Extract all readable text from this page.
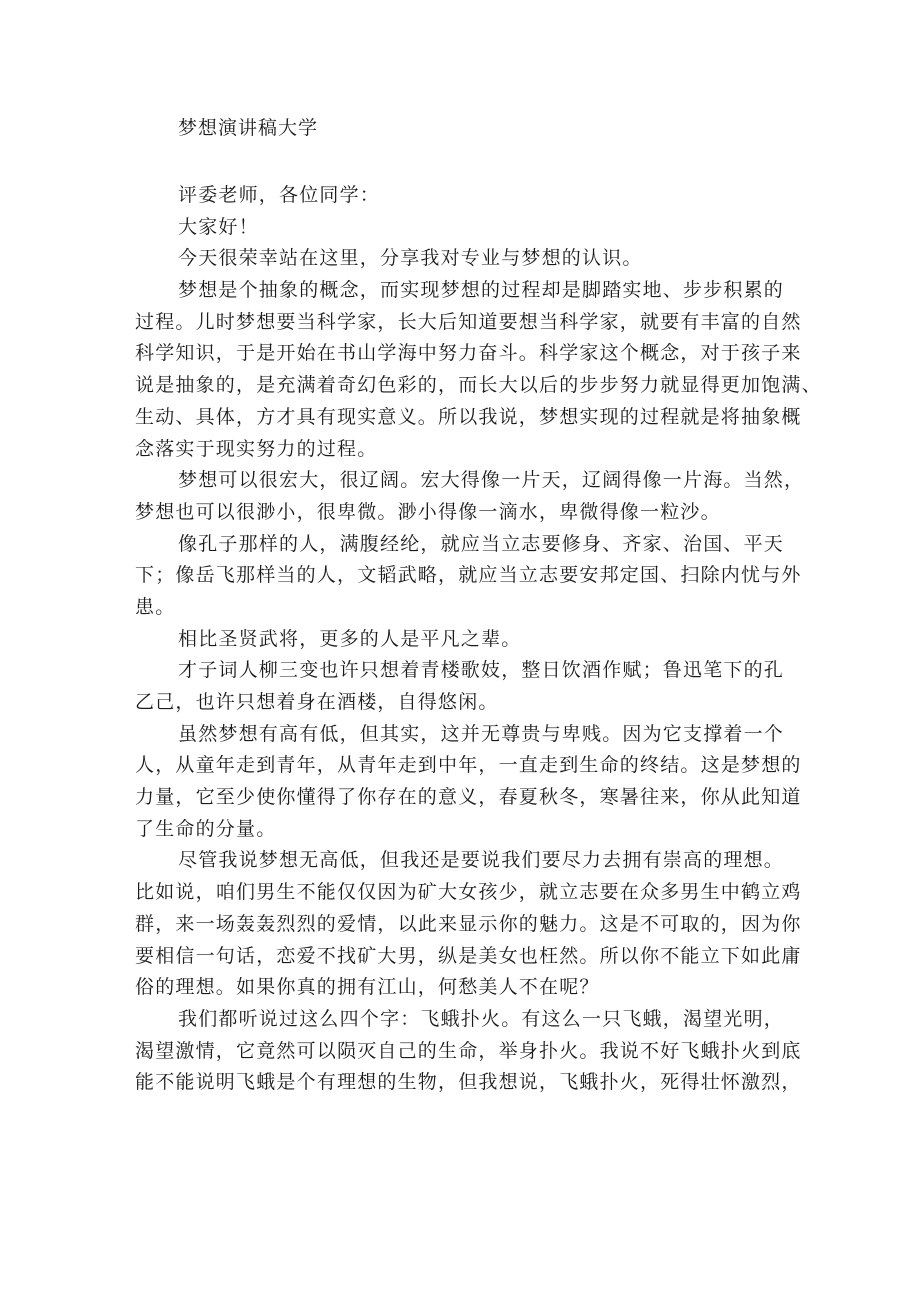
梦想演讲稿大学

评委老师，各位同学：

大家好！

今天很荣幸站在这里，分享我对专业与梦想的认识。

梦想是个抽象的概念，而实现梦想的过程却是脚踏实地、步步积累的

过程。儿时梦想要当科学家，长大后知道要想当科学家，就要有丰富的自然

科学知识，于是开始在书山学海中努力奋斗。科学家这个概念，对于孩子来

说是抽象的，是充满着奇幻色彩的，而长大以后的步步努力就显得更加饱满、

生动、具体，方才具有现实意义。所以我说，梦想实现的过程就是将抽象概

念落实于现实努力的过程。

梦想可以很宏大，很辽阔。宏大得像一片天，辽阔得像一片海。当然，

梦想也可以很渺小，很卑微。渺小得像一滴水，卑微得像一粒沙。

像孔子那样的人，满腹经纶，就应当立志要修身、齐家、治国、平天

下；像岳飞那样当的人，文韬武略，就应当立志要安邦定国、扫除内忧与外

患。

相比圣贤武将，更多的人是平凡之辈。

才子词人柳三变也许只想着青楼歌妓，整日饮酒作赋；鲁迅笔下的孔

乙己，也许只想着身在酒楼，自得悠闲。

虽然梦想有高有低，但其实，这并无尊贵与卑贱。因为它支撑着一个

人，从童年走到青年，从青年走到中年，一直走到生命的终结。这是梦想的

力量，它至少使你懂得了你存在的意义，春夏秋冬，寒暑往来，你从此知道

了生命的分量。

尽管我说梦想无高低，但我还是要说我们要尽力去拥有崇高的理想。

比如说，咱们男生不能仅仅因为矿大女孩少，就立志要在众多男生中鹤立鸡

群，来一场轰轰烈烈的爱情，以此来显示你的魅力。这是不可取的，因为你

要相信一句话，恋爱不找矿大男，纵是美女也枉然。所以你不能立下如此庸

俗的理想。如果你真的拥有江山，何愁美人不在呢？

我们都听说过这么四个字：飞蛾扑火。有这么一只飞蛾，渴望光明，

渴望激情，它竟然可以陨灭自己的生命，举身扑火。我说不好飞蛾扑火到底

能不能说明飞蛾是个有理想的生物，但我想说，飞蛾扑火，死得壮怀激烈，
